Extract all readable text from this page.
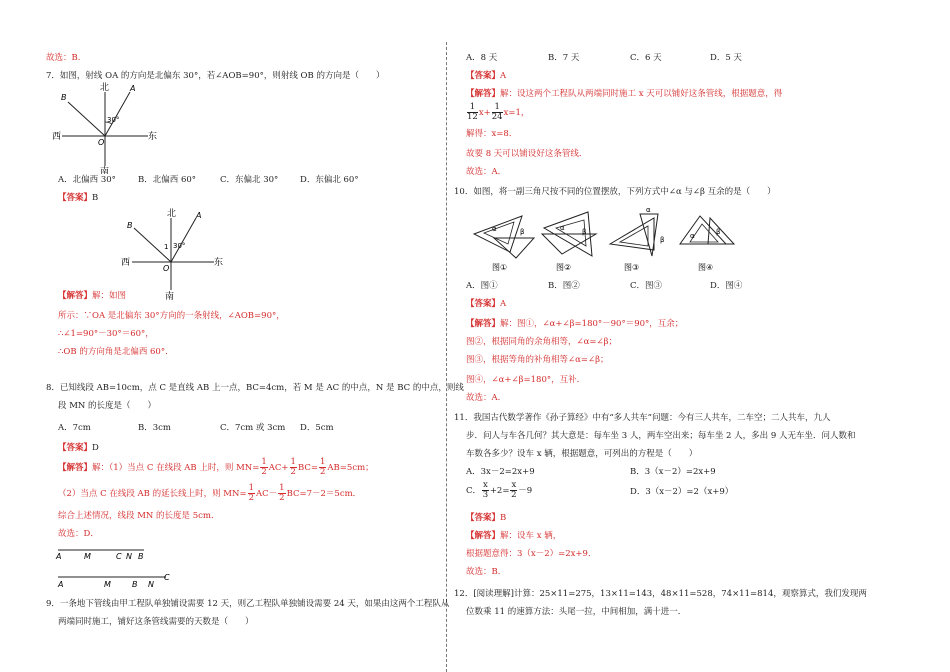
故选：B.
7．如图，射线 OA 的方向是北偏东 30°，若∠AOB=90°，则射线 OB 的方向是（　　）
北
南
西	东
B
A
O
30°
A．北偏西 30°	B．北偏西 60°	C．东偏北 30°	D．东偏北 60°
【答案】B
北
南
西	东
B
A
O
1 30°
【解答】解：如图
所示：∵OA 是北偏东 30°方向的一条射线，∠AOB=90°，
∴∠1=90°－30°＝60°，
∴OB 的方向角是北偏西 60°．
8．已知线段 AB=10cm，点 C 是直线 AB 上一点，BC=4cm，若 M 是 AC 的中点，N 是 BC 的中点，则线
段 MN 的长度是（　　）
A．7cm	B．3cm	C．7cm 或 3cm D．5cm
【答案】D
【解答】解：（1）当点 C 在线段 AB 上时，则 $MN= \frac{1}{2} AC+ \frac{1}{2} BC= \frac{1}{2} AB=5cm$；
（2）当点 C 在线段 AB 的延长线上时，则 $MN= \frac{1}{2} AC- \frac{1}{2} BC=7-2=5cm$．
综合上述情况，线段 MN 的长度是 5cm．
故选：D．
A	M	C N B
A	M	B N
C
9．一条地下管线由甲工程队单独铺设需要 12 天，则乙工程队单独铺设需要 24 天，如果由这两个工程队从
两端同时施工，铺好这条管线需要的天数是（　　）
A．8 天	B．7 天	C．6 天	D．5 天
【答案】A
【解答】解：设这两个工程队从两端同时施工 x 天可以铺好这条管线，根据题意，得
$\frac{1}{12} x+ \frac{1}{24} x=1$，
解得：x=8．
故要 8 天可以铺设好这条管线．
故选：A．
10．如图，将一副三角尺按不同的位置摆放，下列方式中∠α 与∠β 互余的是（　　）
α	β
图①
α β
图②
α
β
图③
α	β
图④
A．图①	B．图②	C．图③	D．图④
【答案】A
【解答】解：图①，∠α+∠β=180°－90°＝90°，互余；
图②，根据同角的余角相等，∠α=∠β；
图③，根据等角的补角相等∠α=∠β；
图④，∠α+∠β=180°，互补．
故选：A．
11．我国古代数学著作《孙子算经》中有“多人共车”问题：今有三人共车，二车空；二人共车，九人
步．问人与车各几何？其大意是：每车坐 3 人，两车空出来；每车坐 2 人，多出 9 人无车坐．问人数和
车数各多少？设车 x 辆，根据题意，可列出的方程是（　　）
A．3x－2=2x+9	B．3（x－2）=2x+9
C． $\frac{x}{3} +2= \frac{x}{2} -9$	D．3（x－2）=2（x+9）
【答案】B
【解答】解：设车 x 辆，
根据题意得：3（x－2）=2x+9．
故选：B．
12．[阅读理解]计算：25×11=275，13×11=143，48×11=528，74×11=814，观察算式，我们发现两
位数乘 11 的速算方法：头尾一拉，中间相加，满十进一．
